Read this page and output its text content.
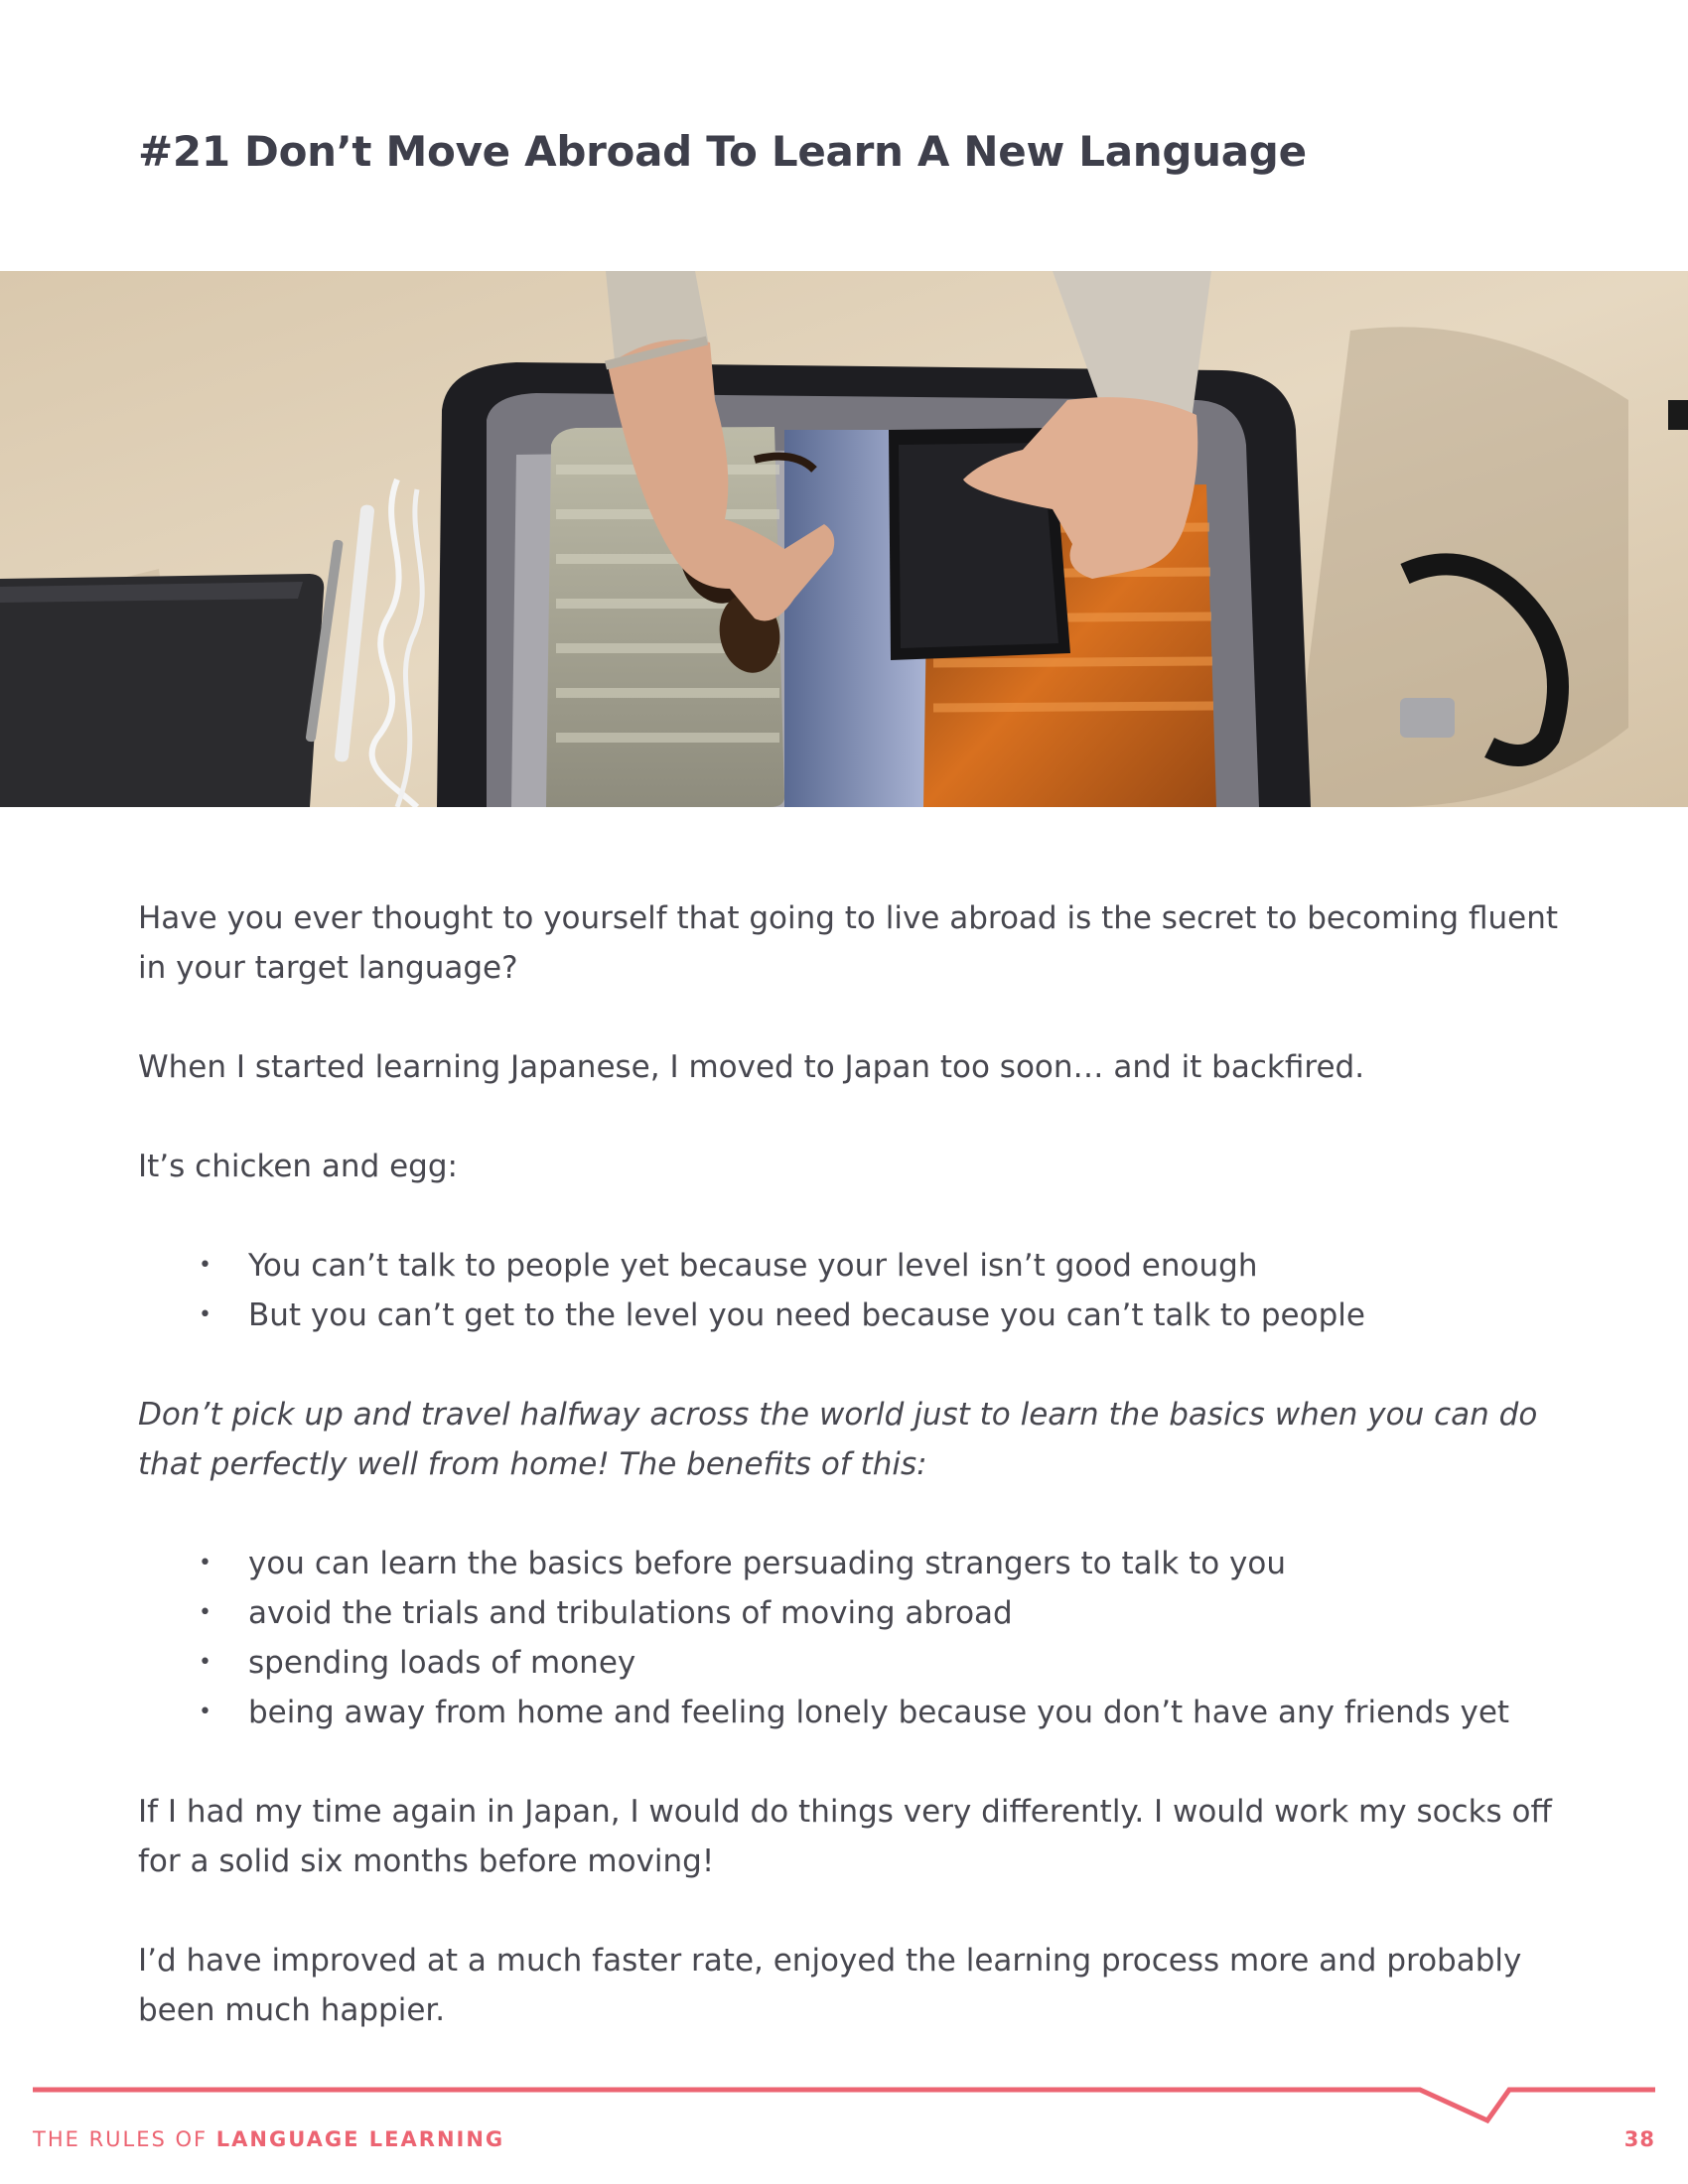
#21 Don’t Move Abroad To Learn A New Language

Have you ever thought to yourself that going to live abroad is the secret to becoming fluent in your target language?

When I started learning Japanese, I moved to Japan too soon… and it backfired.

It’s chicken and egg:

• You can’t talk to people yet because your level isn’t good enough
• But you can’t get to the level you need because you can’t talk to people

Don’t pick up and travel halfway across the world just to learn the basics when you can do that perfectly well from home! The benefits of this:

• you can learn the basics before persuading strangers to talk to you
• avoid the trials and tribulations of moving abroad
• spending loads of money
• being away from home and feeling lonely because you don’t have any friends yet

If I had my time again in Japan, I would do things very differently. I would work my socks off for a solid six months before moving!

I’d have improved at a much faster rate, enjoyed the learning process more and probably been much happier.

THE RULES OF LANGUAGE LEARNING	38
